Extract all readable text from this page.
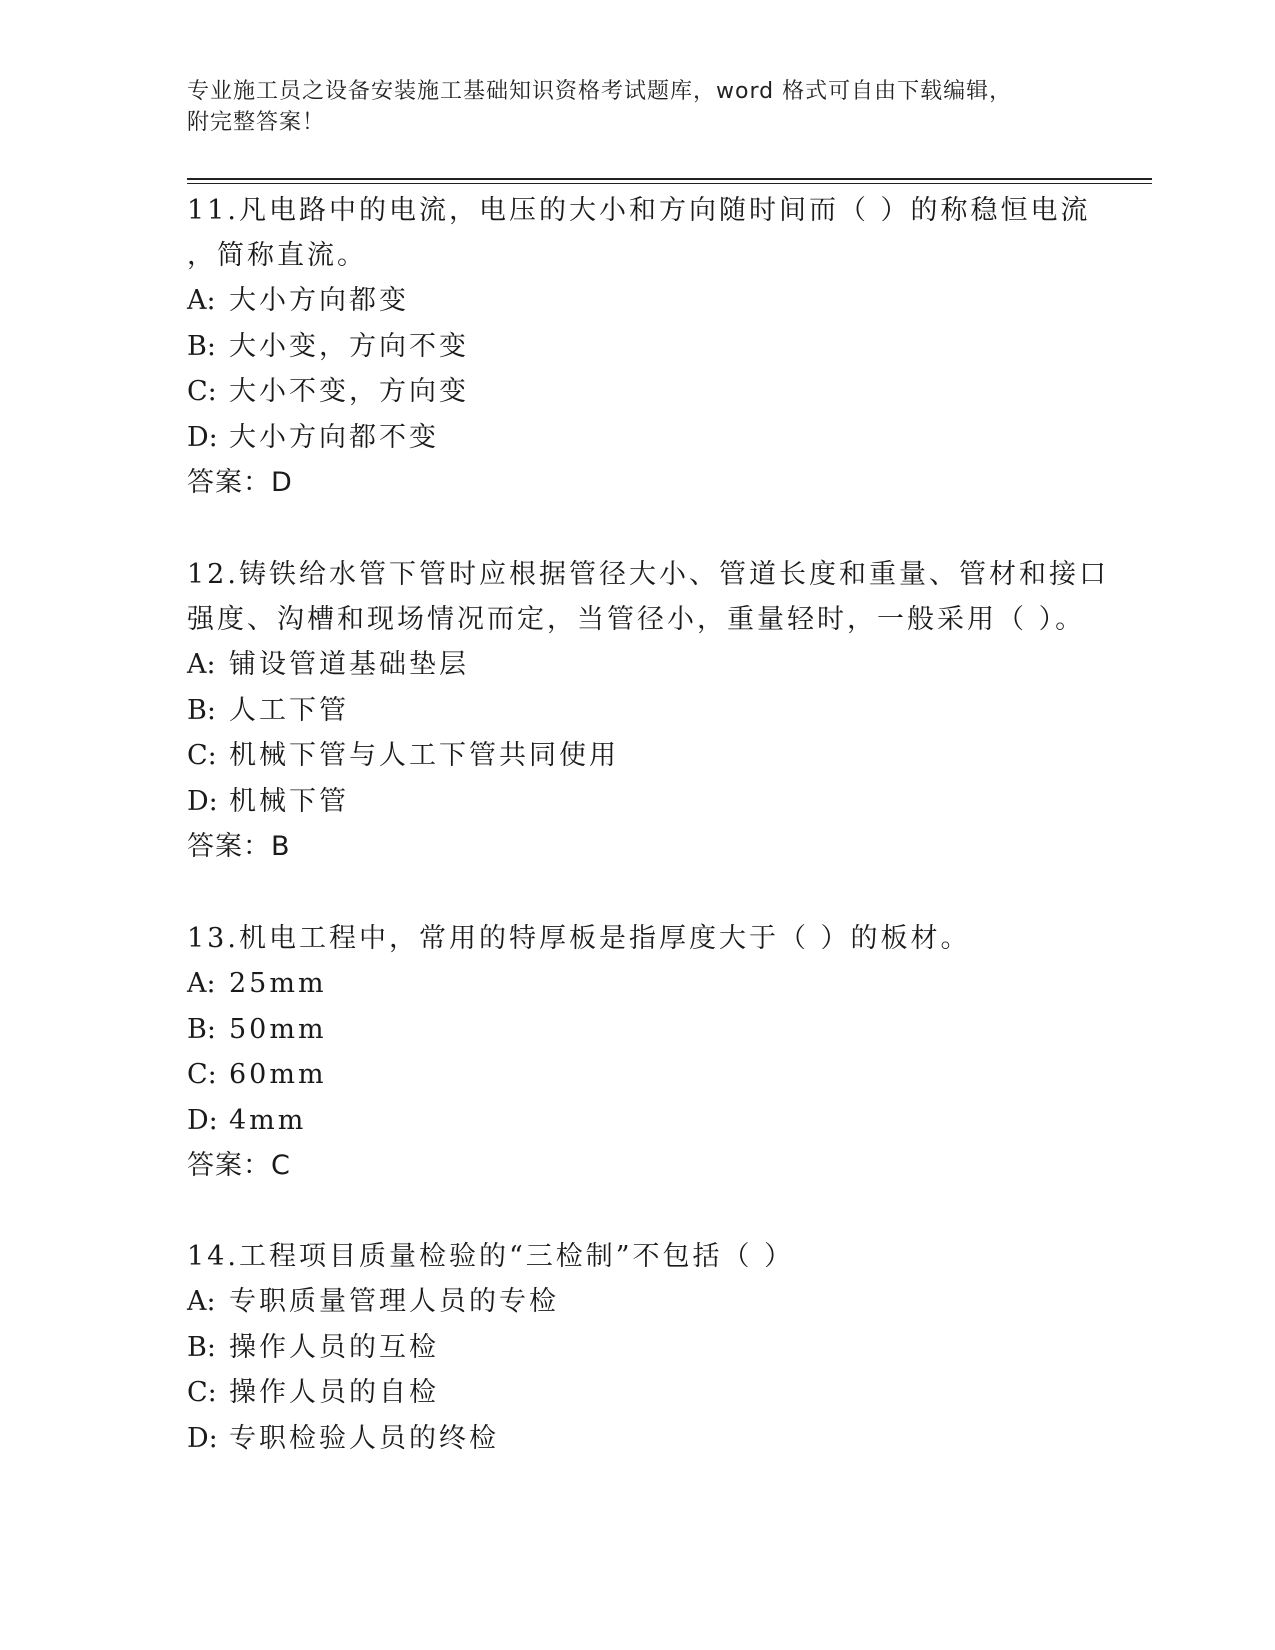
专业施工员之设备安装施工基础知识资格考试题库，word 格式可自由下载编辑，
附完整答案！
11.凡电路中的电流，电压的大小和方向随时间而（ ）的称稳恒电流
，简称直流。
A: 大小方向都变
B: 大小变，方向不变
C: 大小不变，方向变
D: 大小方向都不变
答案：D
12.铸铁给水管下管时应根据管径大小、管道长度和重量、管材和接口
强度、沟槽和现场情况而定，当管径小，重量轻时，一般采用（ ）。
A: 铺设管道基础垫层
B: 人工下管
C: 机械下管与人工下管共同使用
D: 机械下管
答案：B
13.机电工程中，常用的特厚板是指厚度大于（ ）的板材。
A: 25mm
B: 50mm
C: 60mm
D: 4mm
答案：C
14.工程项目质量检验的“三检制”不包括（ ）
A: 专职质量管理人员的专检
B: 操作人员的互检
C: 操作人员的自检
D: 专职检验人员的终检
